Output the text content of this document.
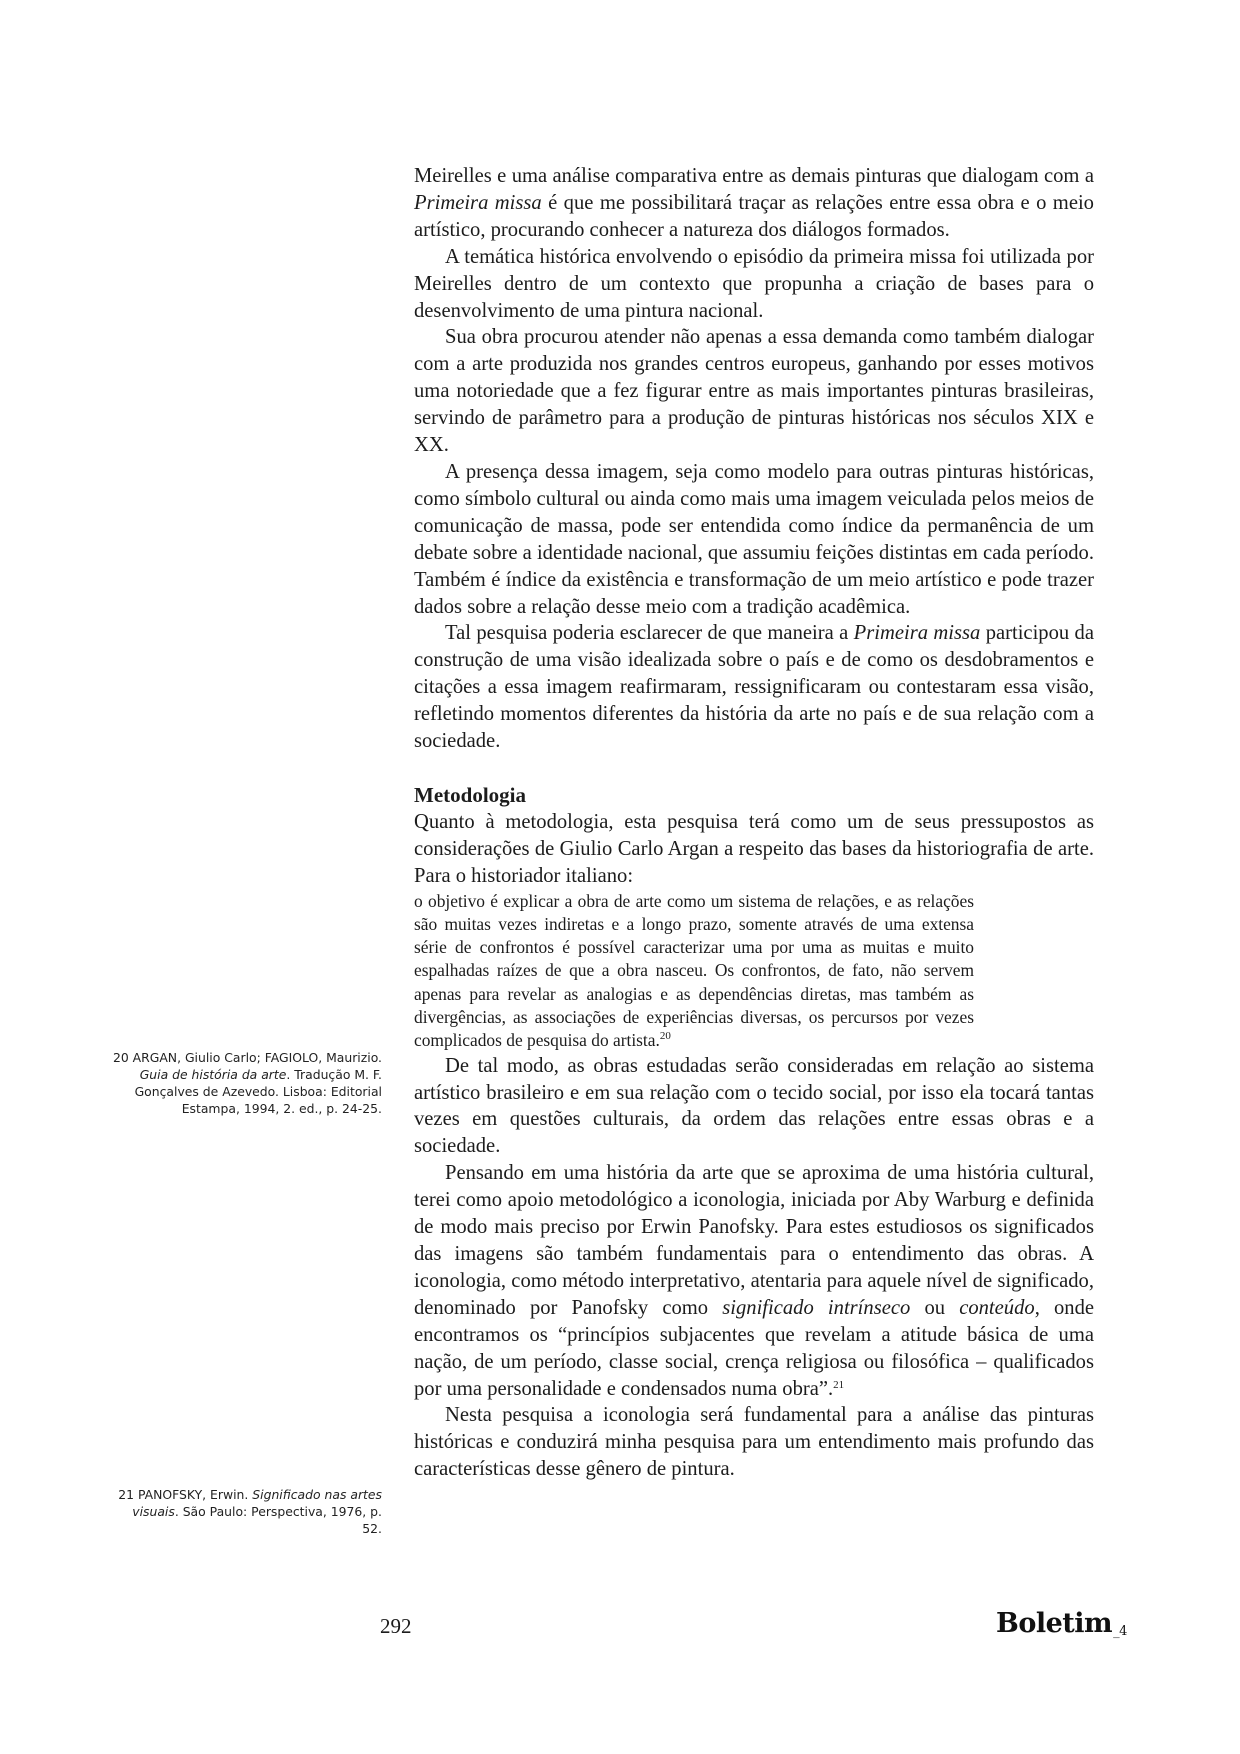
Meirelles e uma análise comparativa entre as demais pinturas que dialogam com a Primeira missa é que me possibilitará traçar as relações entre essa obra e o meio artístico, procurando conhecer a natureza dos diálogos formados.

A temática histórica envolvendo o episódio da primeira missa foi utilizada por Meirelles dentro de um contexto que propunha a criação de bases para o desenvolvimento de uma pintura nacional.

Sua obra procurou atender não apenas a essa demanda como também dialogar com a arte produzida nos grandes centros europeus, ganhando por esses motivos uma notoriedade que a fez figurar entre as mais importantes pinturas brasileiras, servindo de parâmetro para a produção de pinturas históricas nos séculos XIX e XX.

A presença dessa imagem, seja como modelo para outras pinturas históricas, como símbolo cultural ou ainda como mais uma imagem veiculada pelos meios de comunicação de massa, pode ser entendida como índice da permanência de um debate sobre a identidade nacional, que assumiu feições distintas em cada período. Também é índice da existência e transformação de um meio artístico e pode trazer dados sobre a relação desse meio com a tradição acadêmica.

Tal pesquisa poderia esclarecer de que maneira a Primeira missa participou da construção de uma visão idealizada sobre o país e de como os desdobramentos e citações a essa imagem reafirmaram, ressignificaram ou contestaram essa visão, refletindo momentos diferentes da história da arte no país e de sua relação com a sociedade.

Metodologia

Quanto à metodologia, esta pesquisa terá como um de seus pressupostos as considerações de Giulio Carlo Argan a respeito das bases da historiografia de arte. Para o historiador italiano:

o objetivo é explicar a obra de arte como um sistema de relações, e as relações são muitas vezes indiretas e a longo prazo, somente através de uma extensa série de confrontos é possível caracterizar uma por uma as muitas e muito espalhadas raízes de que a obra nasceu. Os confrontos, de fato, não servem apenas para revelar as analogias e as dependências diretas, mas também as divergências, as associações de experiências diversas, os percursos por vezes complicados de pesquisa do artista.$^{20}$

De tal modo, as obras estudadas serão consideradas em relação ao sistema artístico brasileiro e em sua relação com o tecido social, por isso ela tocará tantas vezes em questões culturais, da ordem das relações entre essas obras e a sociedade.

Pensando em uma história da arte que se aproxima de uma história cultural, terei como apoio metodológico a iconologia, iniciada por Aby Warburg e definida de modo mais preciso por Erwin Panofsky. Para estes estudiosos os significados das imagens são também fundamentais para o entendimento das obras. A iconologia, como método interpretativo, atentaria para aquele nível de significado, denominado por Panofsky como significado intrínseco ou conteúdo, onde encontramos os “princípios subjacentes que revelam a atitude básica de uma nação, de um período, classe social, crença religiosa ou filosófica – qualificados por uma personalidade e condensados numa obra”.$^{21}$

Nesta pesquisa a iconologia será fundamental para a análise das pinturas históricas e conduzirá minha pesquisa para um entendimento mais profundo das características desse gênero de pintura.

20 ARGAN, Giulio Carlo; FAGIOLO, Maurizio.
Guia de história da arte. Tradução M. F. Gonçalves de Azevedo. Lisboa: Editorial Estampa, 1994, 2. ed., p. 24-25.
21 PANOFSKY, Erwin. Significado nas artes visuais. São Paulo: Perspectiva, 1976, p. 52.
292	Boletim$_{\_4}$
